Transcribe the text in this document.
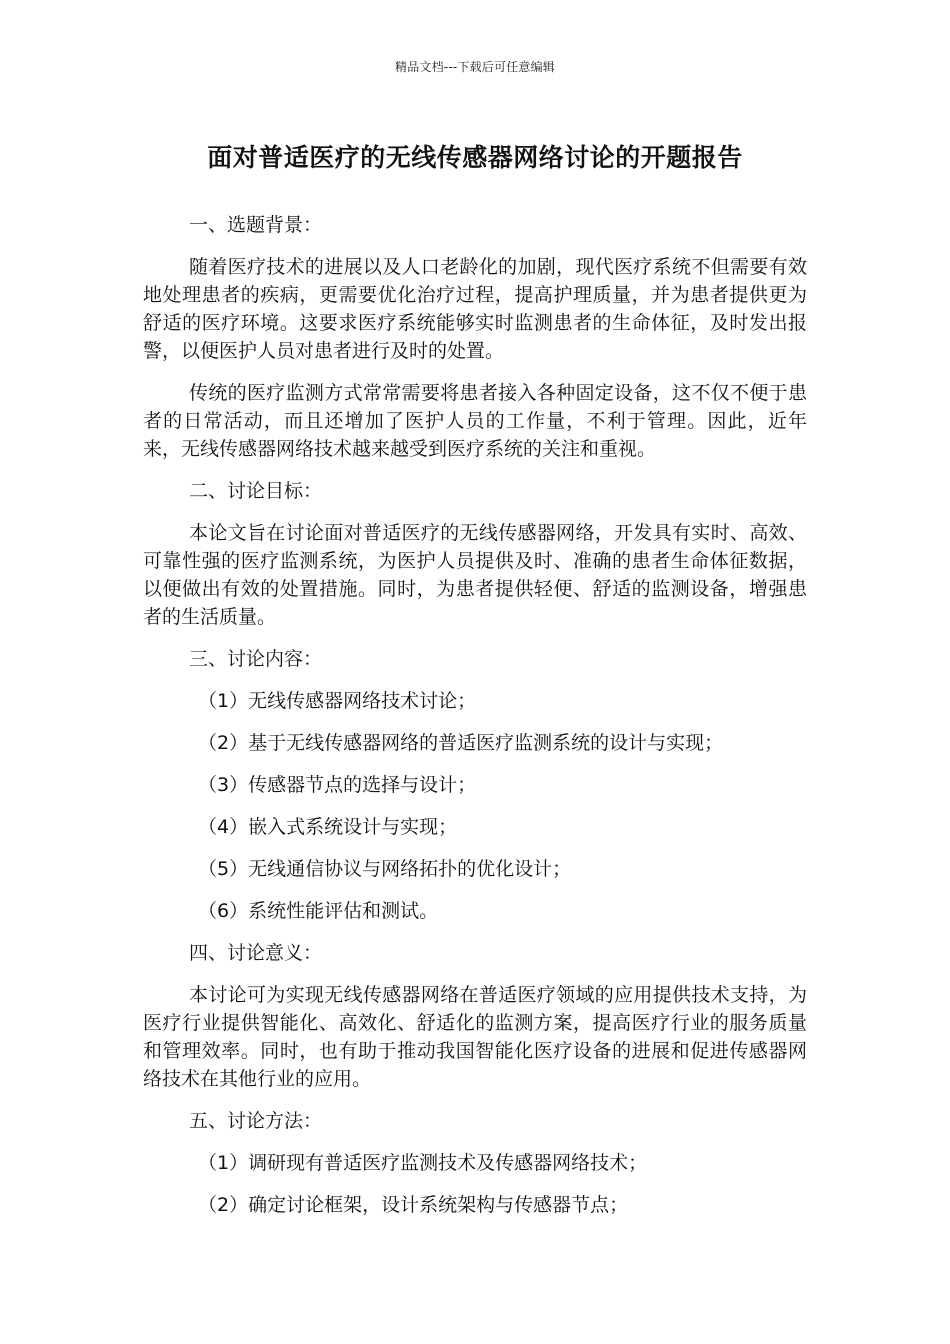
精品文档---下载后可任意编辑
面对普适医疗的无线传感器网络讨论的开题报告

一、选题背景：

随着医疗技术的进展以及人口老龄化的加剧，现代医疗系统不但需要有效地处理患者的疾病，更需要优化治疗过程，提高护理质量，并为患者提供更为舒适的医疗环境。这要求医疗系统能够实时监测患者的生命体征，及时发出报警，以便医护人员对患者进行及时的处置。

传统的医疗监测方式常常需要将患者接入各种固定设备，这不仅不便于患者的日常活动，而且还增加了医护人员的工作量，不利于管理。因此，近年来，无线传感器网络技术越来越受到医疗系统的关注和重视。

二、讨论目标：

本论文旨在讨论面对普适医疗的无线传感器网络，开发具有实时、高效、可靠性强的医疗监测系统，为医护人员提供及时、准确的患者生命体征数据，以便做出有效的处置措施。同时，为患者提供轻便、舒适的监测设备，增强患者的生活质量。

三、讨论内容：

（1）无线传感器网络技术讨论；

（2）基于无线传感器网络的普适医疗监测系统的设计与实现；

（3）传感器节点的选择与设计；

（4）嵌入式系统设计与实现；

（5）无线通信协议与网络拓扑的优化设计；

（6）系统性能评估和测试。

四、讨论意义：

本讨论可为实现无线传感器网络在普适医疗领域的应用提供技术支持，为医疗行业提供智能化、高效化、舒适化的监测方案，提高医疗行业的服务质量和管理效率。同时，也有助于推动我国智能化医疗设备的进展和促进传感器网络技术在其他行业的应用。

五、讨论方法：

（1）调研现有普适医疗监测技术及传感器网络技术；

（2）确定讨论框架，设计系统架构与传感器节点；
